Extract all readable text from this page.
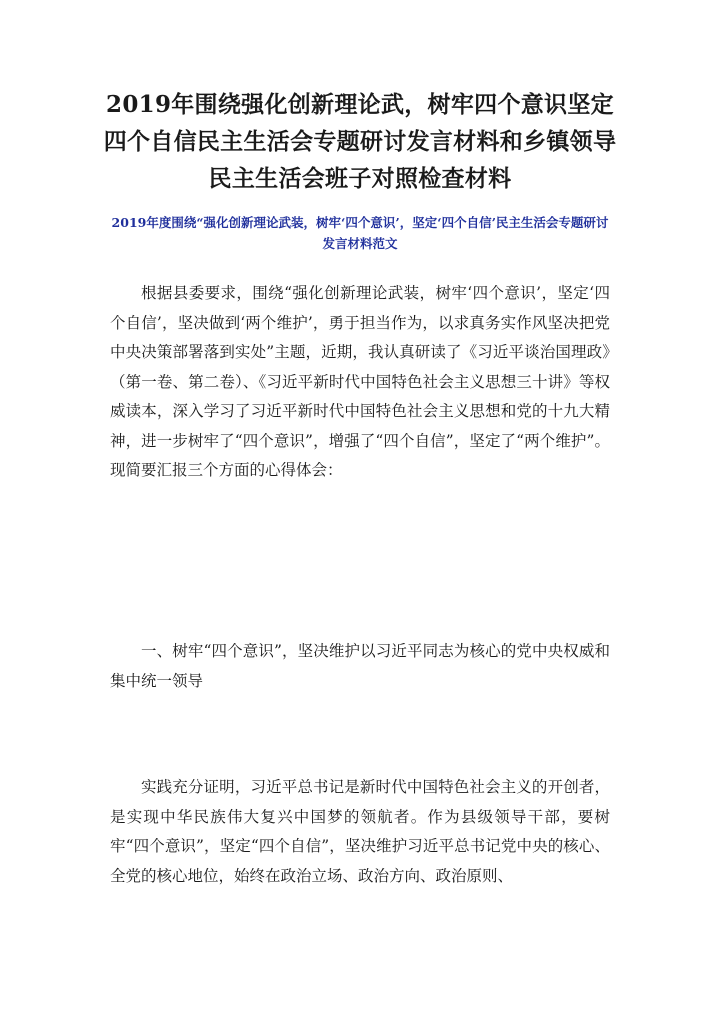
2019年围绕强化创新理论武，树牢四个意识坚定四个自信民主生活会专题研讨发言材料和乡镇领导民主生活会班子对照检查材料

2019年度围绕“强化创新理论武装，树牢‘四个意识’，坚定‘四个自信’民主生活会专题研讨发言材料范文

根据县委要求，围绕“强化创新理论武装，树牢‘四个意识’，坚定‘四个自信’，坚决做到‘两个维护’，勇于担当作为，以求真务实作风坚决把党中央决策部署落到实处”主题，近期，我认真研读了《习近平谈治国理政》（第一卷、第二卷）、《习近平新时代中国特色社会主义思想三十讲》等权威读本，深入学习了习近平新时代中国特色社会主义思想和党的十九大精神，进一步树牢了“四个意识”，增强了“四个自信”，坚定了“两个维护”。现简要汇报三个方面的心得体会：

一、树牢“四个意识”，坚决维护以习近平同志为核心的党中央权威和集中统一领导

实践充分证明，习近平总书记是新时代中国特色社会主义的开创者，是实现中华民族伟大复兴中国梦的领航者。作为县级领导干部，要树牢“四个意识”，坚定“四个自信”，坚决维护习近平总书记党中央的核心、全党的核心地位，始终在政治立场、政治方向、政治原则、
